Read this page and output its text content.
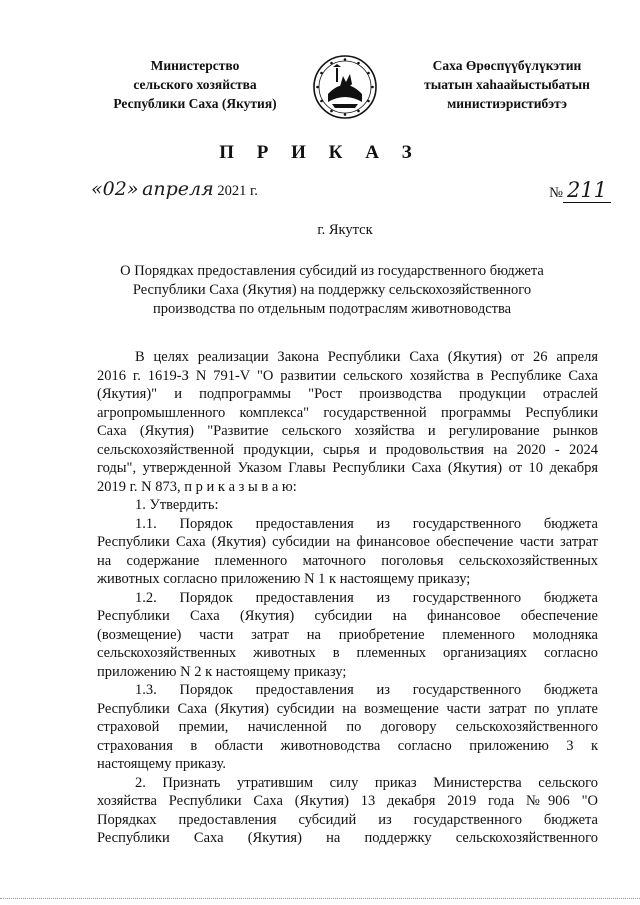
Министерство
сельского хозяйства
Республики Саха (Якутия)
Саха Өрөспүүбүлүкэтин
тыатын хаһаайыстыбатын
министиэристибэтэ
П Р И К А З
«02» апреля 2021 г.	№ 211
г. Якутск
О Порядках предоставления субсидий из государственного бюджета
Республики Саха (Якутия) на поддержку сельскохозяйственного
производства по отдельным подотраслям животноводства
В целях реализации Закона Республики Саха (Якутия) от 26 апреля
2016 г. 1619-З N 791-V "О развитии сельского хозяйства в Республике Саха
(Якутия)" и подпрограммы "Рост производства продукции отраслей
агропромышленного комплекса" государственной программы Республики
Саха (Якутия) "Развитие сельского хозяйства и регулирование рынков
сельскохозяйственной продукции, сырья и продовольствия на 2020 - 2024
годы", утвержденной Указом Главы Республики Саха (Якутия) от 10 декабря
2019 г. N 873, п р и к а з ы в а ю:
1. Утвердить:
1.1. Порядок предоставления из государственного бюджета
Республики Саха (Якутия) субсидии на финансовое обеспечение части затрат
на содержание племенного маточного поголовья сельскохозяйственных
животных согласно приложению N 1 к настоящему приказу;
1.2. Порядок предоставления из государственного бюджета
Республики Саха (Якутия) субсидии на финансовое обеспечение
(возмещение) части затрат на приобретение племенного молодняка
сельскохозяйственных животных в племенных организациях согласно
приложению N 2 к настоящему приказу;
1.3. Порядок предоставления из государственного бюджета
Республики Саха (Якутия) субсидии на возмещение части затрат по уплате
страховой премии, начисленной по договору сельскохозяйственного
страхования в области животноводства согласно приложению 3 к
настоящему приказу.
2. Признать утратившим силу приказ Министерства сельского
хозяйства Республики Саха (Якутия) 13 декабря 2019 года №906 "О
Порядках предоставления субсидий из государственного бюджета
Республики Саха (Якутия) на поддержку сельскохозяйственного
